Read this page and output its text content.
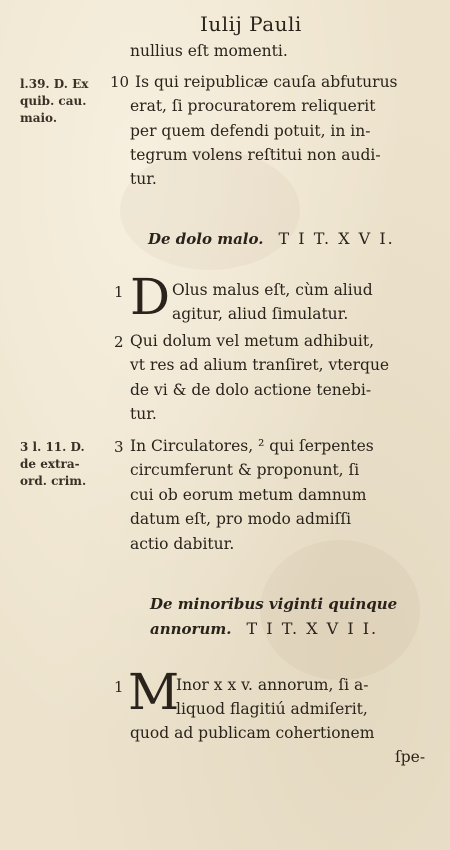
Iulij Pauli
nullius eſt momenti.
10 Is qui reipublicæ cauſa abfuturus
erat, ſi procuratorem reliquerit
per quem defendi potuit, in in-
tegrum volens reſtitui non audi-
tur.
l.39. D. Ex
quib. cau.
maio.
De dolo malo. T I T. X V I.
1 D Olus malus eſt, cùm aliud
agitur, aliud ſimulatur.
2 Qui dolum vel metum adhibuit,
vt res ad alium tranſiret, vterque
de vi & de dolo actione tenebi-
tur.
3 l. 11. D.
de extra-
ord. crim.
3 In Circulatores, ² qui ſerpentes
circumferunt & proponunt, ſi
cui ob eorum metum damnum
datum eſt, pro modo admiſſi
actio dabitur.
De minoribus viginti quinque
annorum. T I T. X V I I.
1 M
Inor x x v. annorum, ſi a-
liquod flagitiú admiſerit,
quod ad publicam cohertionem
ſpe-
